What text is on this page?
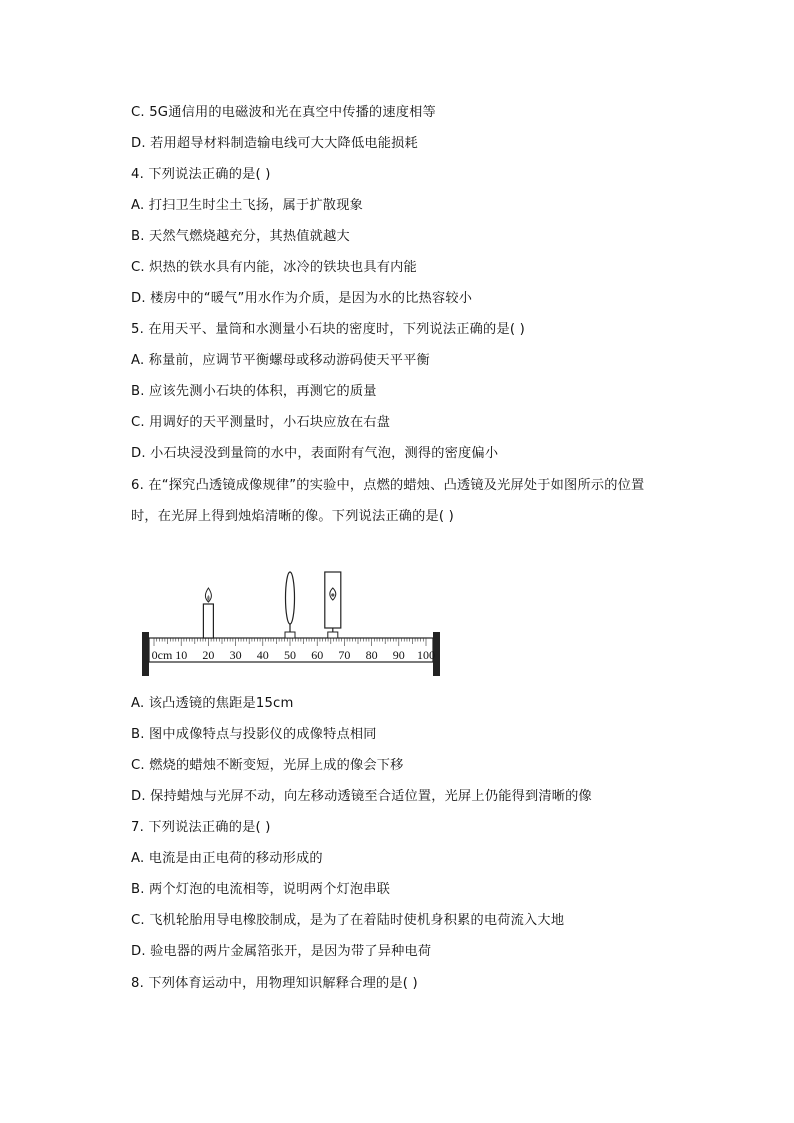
C. 5G通信用的电磁波和光在真空中传播的速度相等
D. 若用超导材料制造输电线可大大降低电能损耗
4. 下列说法正确的是( )
A. 打扫卫生时尘土飞扬，属于扩散现象
B. 天然气燃烧越充分，其热值就越大
C. 炽热的铁水具有内能，冰冷的铁块也具有内能
D. 楼房中的“暖气”用水作为介质，是因为水的比热容较小
5. 在用天平、量筒和水测量小石块的密度时，下列说法正确的是( )
A. 称量前，应调节平衡螺母或移动游码使天平平衡
B. 应该先测小石块的体积，再测它的质量
C. 用调好的天平测量时，小石块应放在右盘
D. 小石块浸没到量筒的水中，表面附有气泡，测得的密度偏小
6. 在“探究凸透镜成像规律”的实验中，点燃的蜡烛、凸透镜及光屏处于如图所示的位置
时，在光屏上得到烛焰清晰的像。下列说法正确的是( )
0cm 10 20 30 40 50 60 70 80 90 100
A. 该凸透镜的焦距是15cm
B. 图中成像特点与投影仪的成像特点相同
C. 燃烧的蜡烛不断变短，光屏上成的像会下移
D. 保持蜡烛与光屏不动，向左移动透镜至合适位置，光屏上仍能得到清晰的像
7. 下列说法正确的是( )
A. 电流是由正电荷的移动形成的
B. 两个灯泡的电流相等，说明两个灯泡串联
C. 飞机轮胎用导电橡胶制成，是为了在着陆时使机身积累的电荷流入大地
D. 验电器的两片金属箔张开，是因为带了异种电荷
8. 下列体育运动中，用物理知识解释合理的是( )
